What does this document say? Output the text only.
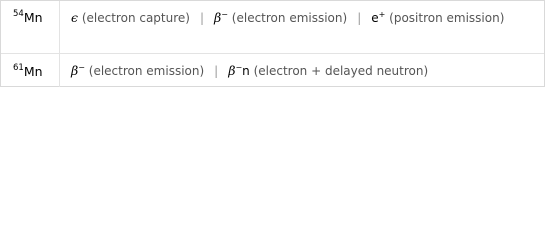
$^{54}$Mn ϵ (electron capture) | β− (electron emission) | e+ (positron emission)
$^{61}$Mn β− (electron emission) | β−n (electron + delayed neutron)
